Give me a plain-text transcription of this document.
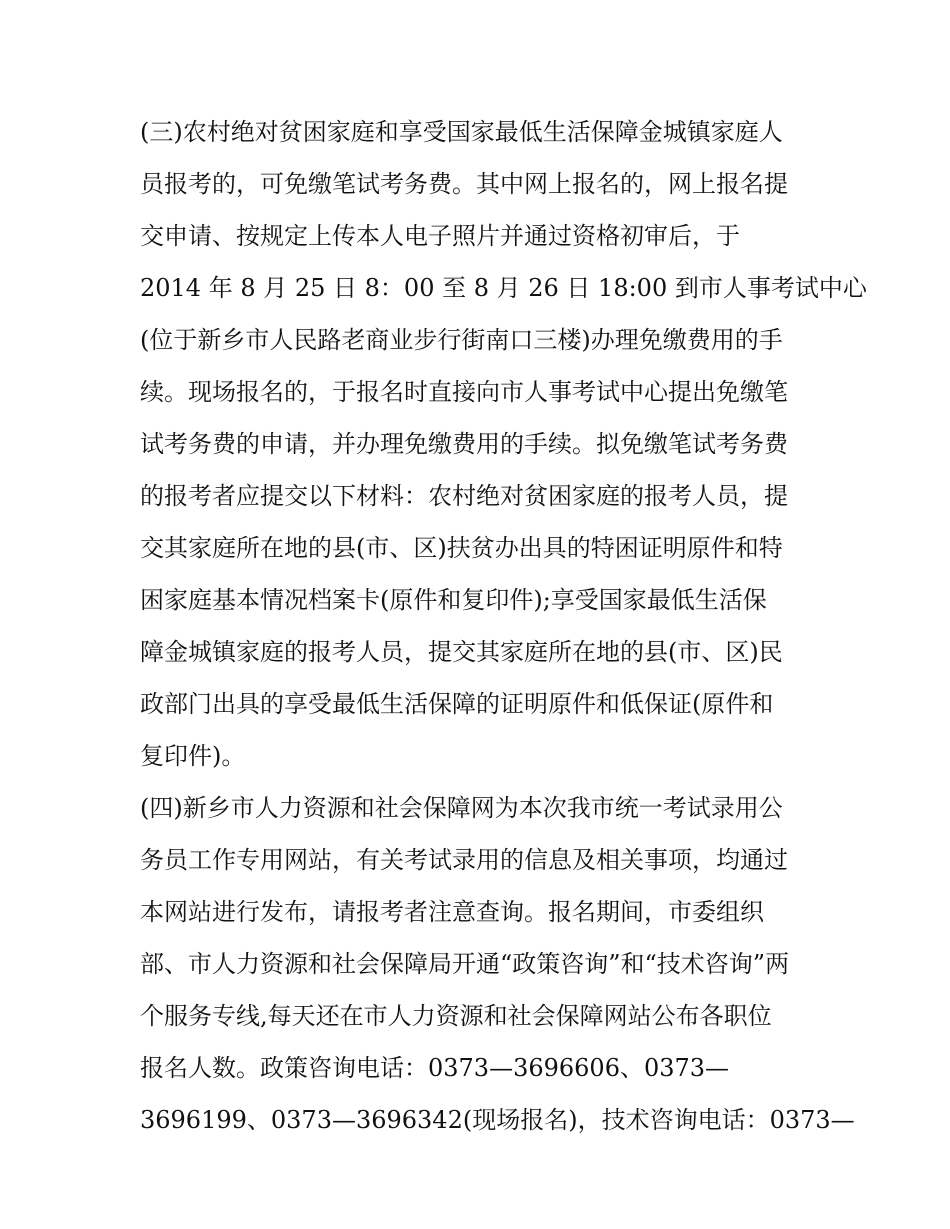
(三)农村绝对贫困家庭和享受国家最低生活保障金城镇家庭人
员报考的，可免缴笔试考务费。其中网上报名的，网上报名提
交申请、按规定上传本人电子照片并通过资格初审后，于
2014 年 8 月 25 日 8：00 至 8 月 26 日 18:00 到市人事考试中心
(位于新乡市人民路老商业步行街南口三楼)办理免缴费用的手
续。现场报名的，于报名时直接向市人事考试中心提出免缴笔
试考务费的申请，并办理免缴费用的手续。拟免缴笔试考务费
的报考者应提交以下材料：农村绝对贫困家庭的报考人员，提
交其家庭所在地的县(市、区)扶贫办出具的特困证明原件和特
困家庭基本情况档案卡(原件和复印件);享受国家最低生活保
障金城镇家庭的报考人员，提交其家庭所在地的县(市、区)民
政部门出具的享受最低生活保障的证明原件和低保证(原件和
复印件)。
(四)新乡市人力资源和社会保障网为本次我市统一考试录用公
务员工作专用网站，有关考试录用的信息及相关事项，均通过
本网站进行发布，请报考者注意查询。报名期间，市委组织
部、市人力资源和社会保障局开通“政策咨询”和“技术咨询”两
个服务专线,每天还在市人力资源和社会保障网站公布各职位
报名人数。政策咨询电话：0373—3696606、0373—
3696199、0373—3696342(现场报名)，技术咨询电话：0373—
